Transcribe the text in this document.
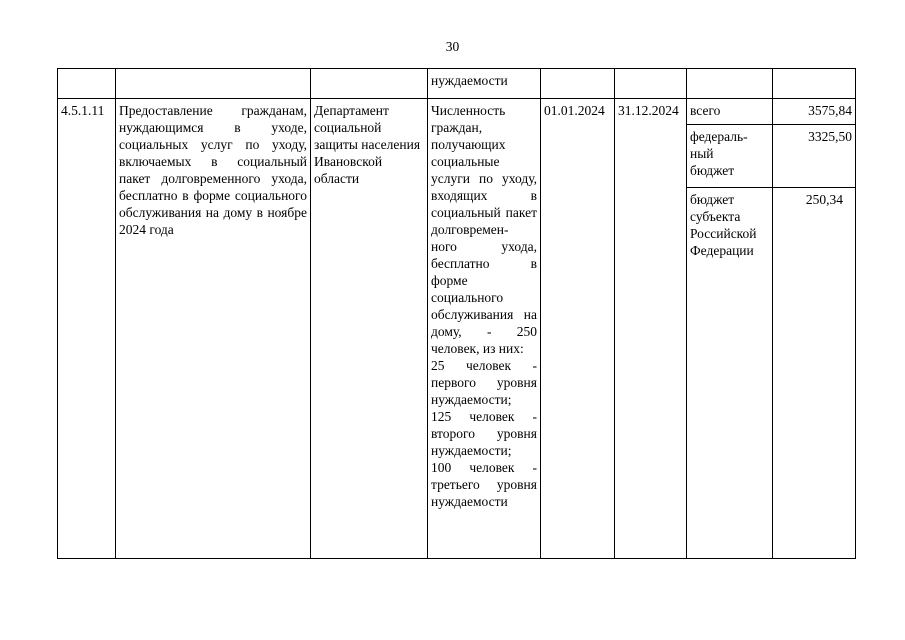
30
			нуждаемости				
4.5.1.11	Предоставление гражданам, нуждающимся в уходе, социальных услуг по уходу, включаемых в социальный пакет долговременного ухода, бесплатно в форме социального обслуживания на дому в ноябре 2024 года	Департамент социальной защиты населения Ивановской области	Численность граждан, получающих социальные услуги по уходу, входящих в социальный пакет долговремен-
ного ухода, бесплатно в форме социального обслуживания на дому, - 250 человек, из них:
25 человек - первого уровня нуждаемости;
125 человек - второго уровня нуждаемости;
100 человек - третьего уровня нуждаемости	01.01.2024	31.12.2024	всего	3575,84
						федераль-
ный
бюджет	3325,50
						бюджет субъекта Российской Федерации	250,34
